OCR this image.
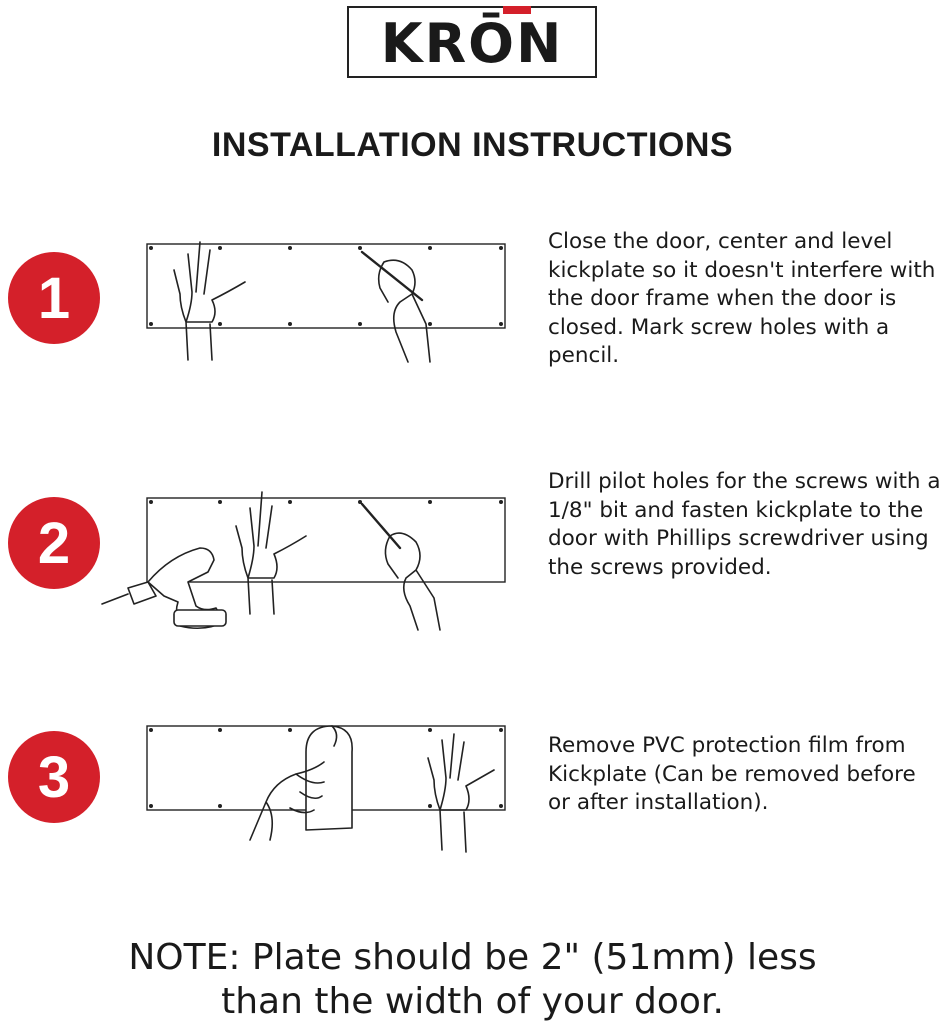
KRŌN
INSTALLATION INSTRUCTIONS
1
Close the door, center and level kickplate so it doesn't interfere with the door frame when the door is closed. Mark screw holes with a pencil.
2
Drill pilot holes for the screws with a 1/8" bit and fasten kickplate to the door with Phillips screwdriver using the screws provided.
3	Remove PVC protection film from Kickplate (Can be removed before or after installation).
NOTE: Plate should be 2" (51mm) less
than the width of your door.
